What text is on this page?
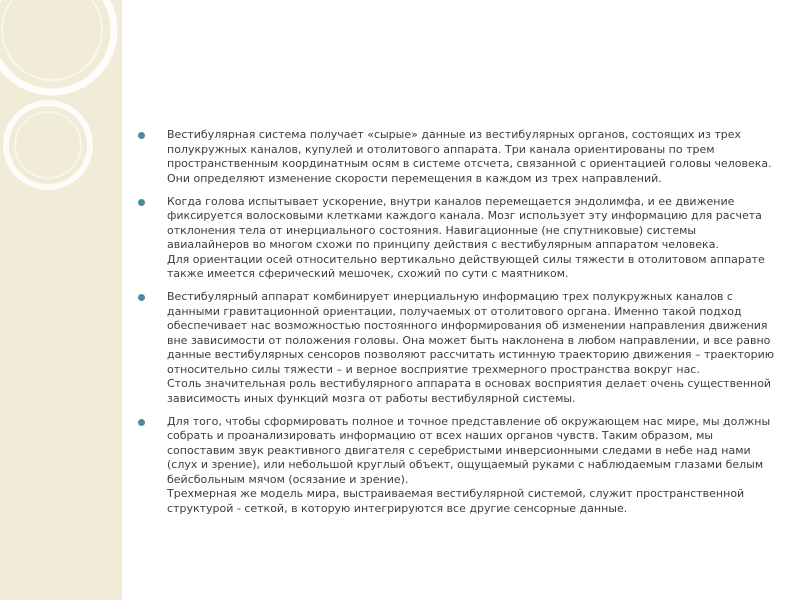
Вестибулярная система получает «сырые» данные из вестибулярных органов, состоящих из трех полукружных каналов, купулей и отолитового аппарата. Три канала ориентированы по трем пространственным координатным осям в системе отсчета, связанной с ориентацией головы человека. Они определяют изменение скорости перемещения в каждом из трех направлений.

Когда голова испытывает ускорение, внутри каналов перемещается эндолимфа, и ее движение фиксируется волосковыми клетками каждого канала. Мозг использует эту информацию для расчета отклонения тела от инерциального состояния. Навигационные (не спутниковые) системы авиалайнеров во многом схожи по принципу действия с вестибулярным аппаратом человека.

Для ориентации осей относительно вертикально действующей силы тяжести в отолитовом аппарате также имеется сферический мешочек, схожий по сути с маятником.

Вестибулярный аппарат комбинирует инерциальную информацию трех полукружных каналов с данными гравитационной ориентации, получаемых от отолитового органа. Именно такой подход обеспечивает нас возможностью постоянного информирования об изменении направления движения вне зависимости от положения головы. Она может быть наклонена в любом направлении, и все равно данные вестибулярных сенсоров позволяют рассчитать истинную траекторию движения – траекторию относительно силы тяжести – и верное восприятие трехмерного пространства вокруг нас.

Столь значительная роль вестибулярного аппарата в основах восприятия делает очень существенной зависимость иных функций мозга от работы вестибулярной системы.

Для того, чтобы сформировать полное и точное представление об окружающем нас мире, мы должны собрать и проанализировать информацию от всех наших органов чувств. Таким образом, мы сопоставим звук реактивного двигателя с серебристыми инверсионными следами в небе над нами (слух и зрение), или небольшой круглый объект, ощущаемый руками с наблюдаемым глазами белым бейсбольным мячом (осязание и зрение).

Трехмерная же модель мира, выстраиваемая вестибулярной системой, служит пространственной структурой - сеткой, в которую интегрируются все другие сенсорные данные.
